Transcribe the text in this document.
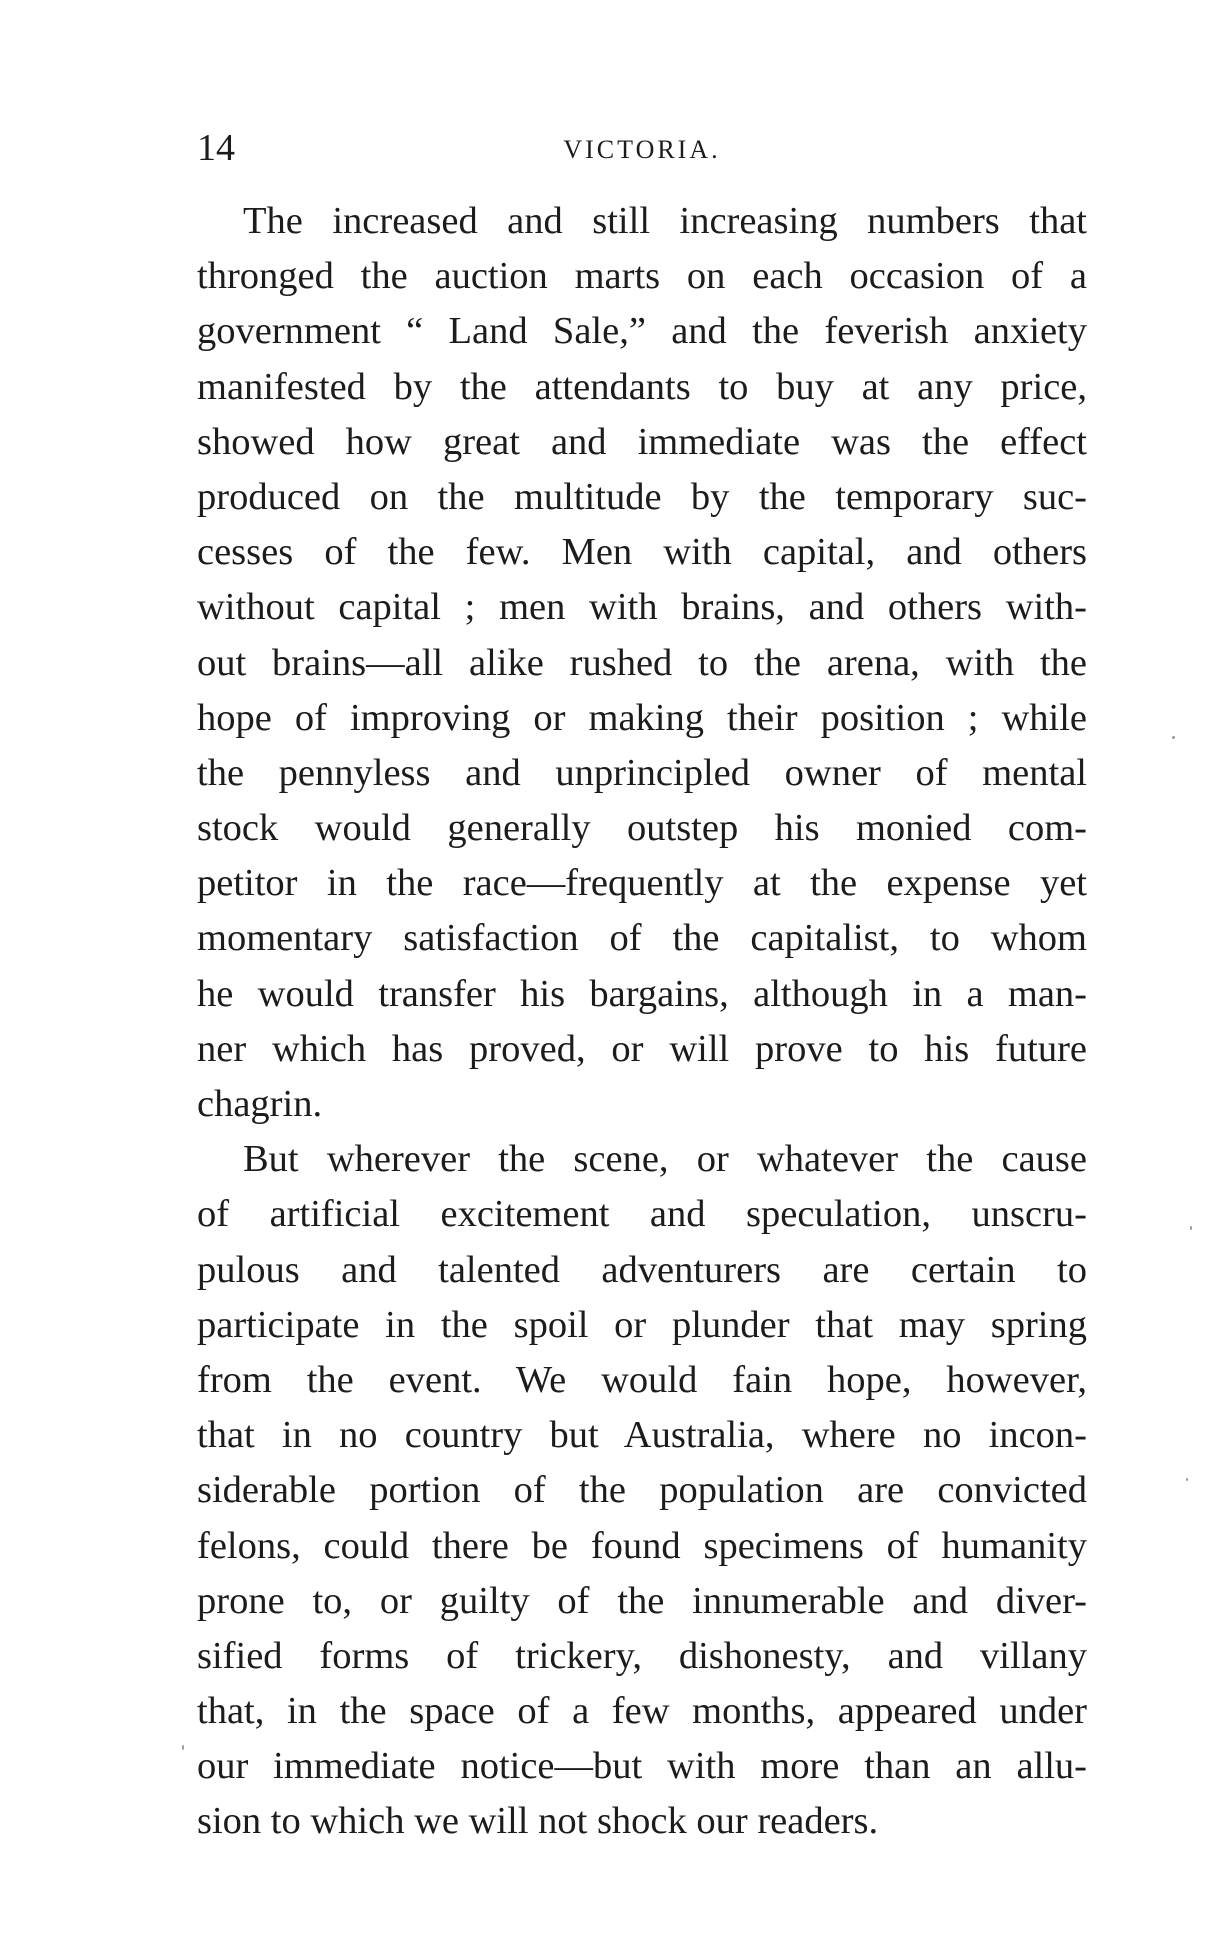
14	VICTORIA.
The increased and still increasing numbers that
thronged the auction marts on each occasion of a
government “ Land Sale,” and the feverish anxiety
manifested by the attendants to buy at any price,
showed how great and immediate was the effect
produced on the multitude by the temporary suc-
cesses of the few. Men with capital, and others
without capital ; men with brains, and others with-
out brains—all alike rushed to the arena, with the
hope of improving or making their position ; while
the pennyless and unprincipled owner of mental
stock would generally outstep his monied com-
petitor in the race—frequently at the expense yet
momentary satisfaction of the capitalist, to whom
he would transfer his bargains, although in a man-
ner which has proved, or will prove to his future
chagrin.
But wherever the scene, or whatever the cause
of artificial excitement and speculation, unscru-
pulous and talented adventurers are certain to
participate in the spoil or plunder that may spring
from the event. We would fain hope, however,
that in no country but Australia, where no incon-
siderable portion of the population are convicted
felons, could there be found specimens of humanity
prone to, or guilty of the innumerable and diver-
sified forms of trickery, dishonesty, and villany
that, in the space of a few months, appeared under
our immediate notice—but with more than an allu-
sion to which we will not shock our readers.
